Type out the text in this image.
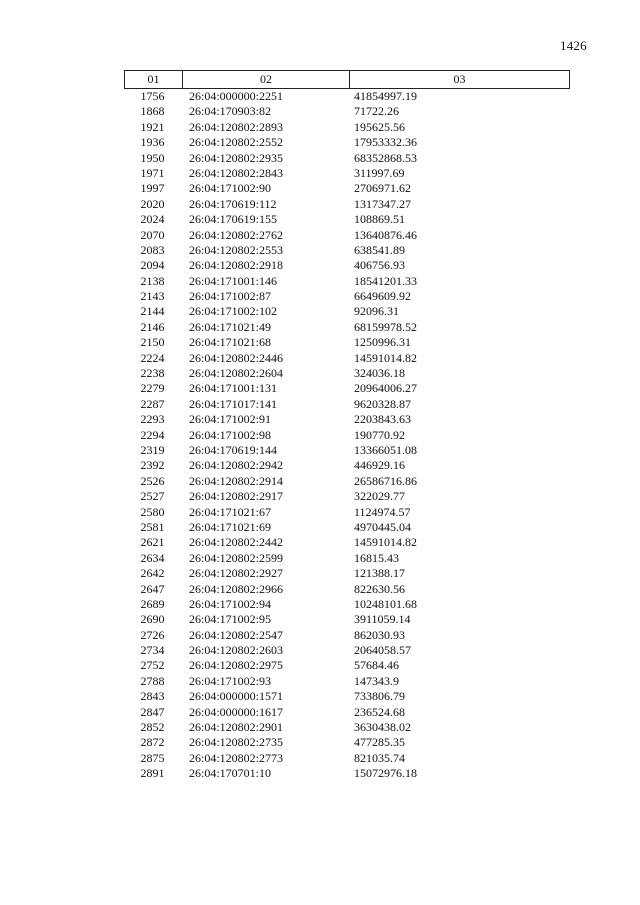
1426
01	02	03
1756	26:04:000000:2251	41854997.19
1868	26:04:170903:82	71722.26
1921	26:04:120802:2893	195625.56
1936	26:04:120802:2552	17953332.36
1950	26:04:120802:2935	68352868.53
1971	26:04:120802:2843	311997.69
1997	26:04:171002:90	2706971.62
2020	26:04:170619:112	1317347.27
2024	26:04:170619:155	108869.51
2070	26:04:120802:2762	13640876.46
2083	26:04:120802:2553	638541.89
2094	26:04:120802:2918	406756.93
2138	26:04:171001:146	18541201.33
2143	26:04:171002:87	6649609.92
2144	26:04:171002:102	92096.31
2146	26:04:171021:49	68159978.52
2150	26:04:171021:68	1250996.31
2224	26:04:120802:2446	14591014.82
2238	26:04:120802:2604	324036.18
2279	26:04:171001:131	20964006.27
2287	26:04:171017:141	9620328.87
2293	26:04:171002:91	2203843.63
2294	26:04:171002:98	190770.92
2319	26:04:170619:144	13366051.08
2392	26:04:120802:2942	446929.16
2526	26:04:120802:2914	26586716.86
2527	26:04:120802:2917	322029.77
2580	26:04:171021:67	1124974.57
2581	26:04:171021:69	4970445.04
2621	26:04:120802:2442	14591014.82
2634	26:04:120802:2599	16815.43
2642	26:04:120802:2927	121388.17
2647	26:04:120802:2966	822630.56
2689	26:04:171002:94	10248101.68
2690	26:04:171002:95	3911059.14
2726	26:04:120802:2547	862030.93
2734	26:04:120802:2603	2064058.57
2752	26:04:120802:2975	57684.46
2788	26:04:171002:93	147343.9
2843	26:04:000000:1571	733806.79
2847	26:04:000000:1617	236524.68
2852	26:04:120802:2901	3630438.02
2872	26:04:120802:2735	477285.35
2875	26:04:120802:2773	821035.74
2891	26:04:170701:10	15072976.18
